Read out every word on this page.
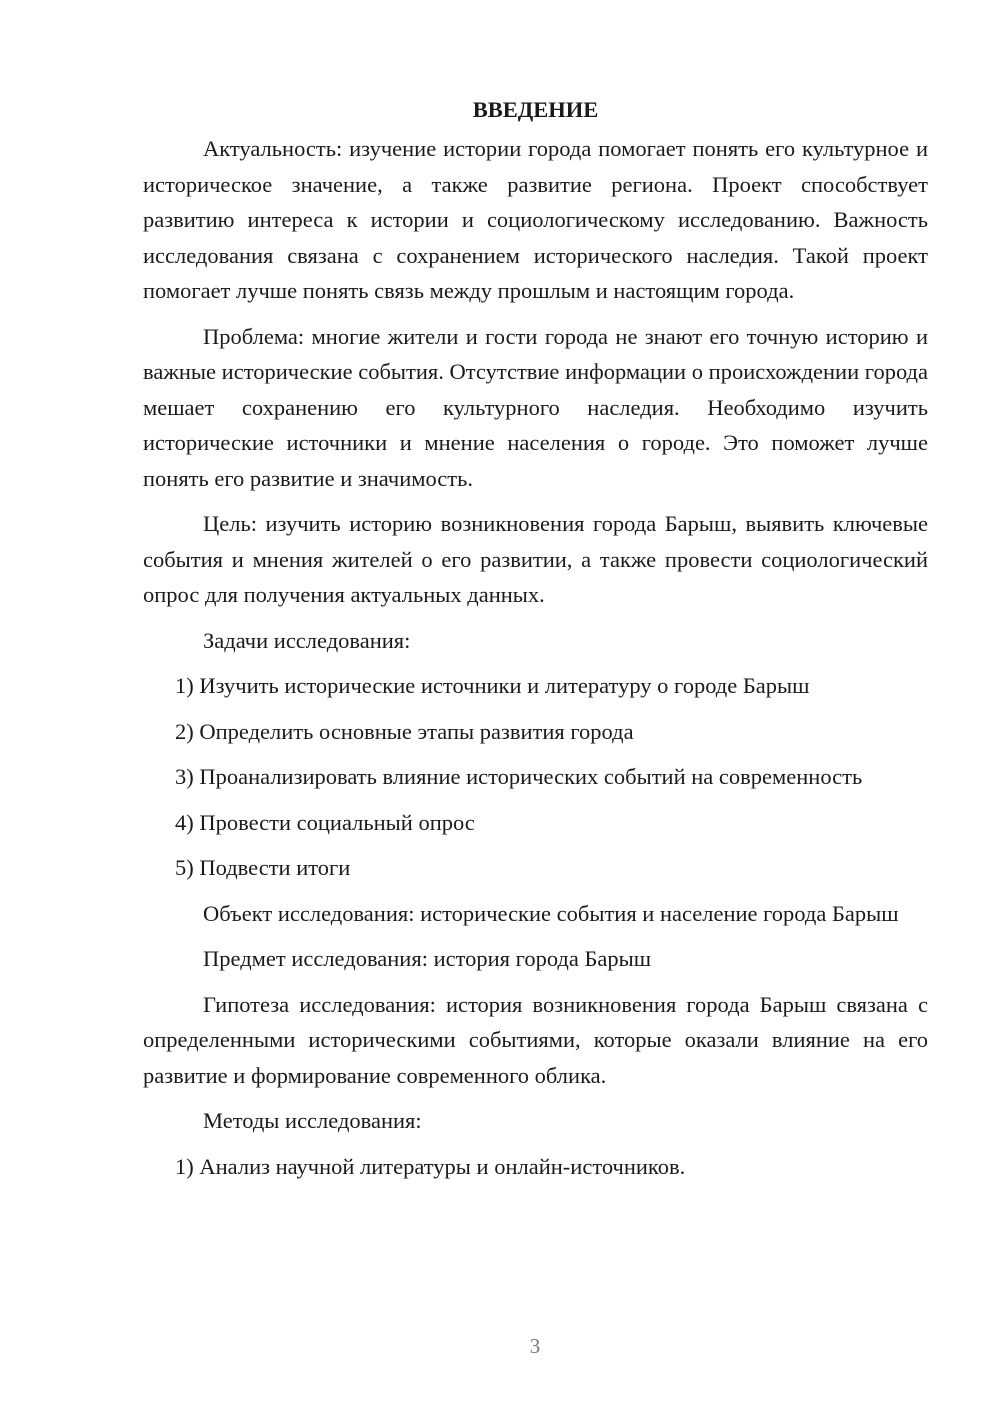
ВВЕДЕНИЕ

Актуальность: изучение истории города помогает понять его культурное и историческое значение, а также развитие региона. Проект способствует развитию интереса к истории и социологическому исследованию. Важность исследования связана с сохранением исторического наследия. Такой проект помогает лучше понять связь между прошлым и настоящим города.

Проблема: многие жители и гости города не знают его точную историю и важные исторические события. Отсутствие информации о происхождении города мешает сохранению его культурного наследия. Необходимо изучить исторические источники и мнение населения о городе. Это поможет лучше понять его развитие и значимость.

Цель: изучить историю возникновения города Барыш, выявить ключевые события и мнения жителей о его развитии, а также провести социологический опрос для получения актуальных данных.

Задачи исследования:

1) Изучить исторические источники и литературу о городе Барыш

2) Определить основные этапы развития города

3) Проанализировать влияние исторических событий на современность

4) Провести социальный опрос

5) Подвести итоги

Объект исследования: исторические события и население города Барыш

Предмет исследования: история города Барыш

Гипотеза исследования: история возникновения города Барыш связана с определенными историческими событиями, которые оказали влияние на его развитие и формирование современного облика.

Методы исследования:

1) Анализ научной литературы и онлайн-источников.

3
